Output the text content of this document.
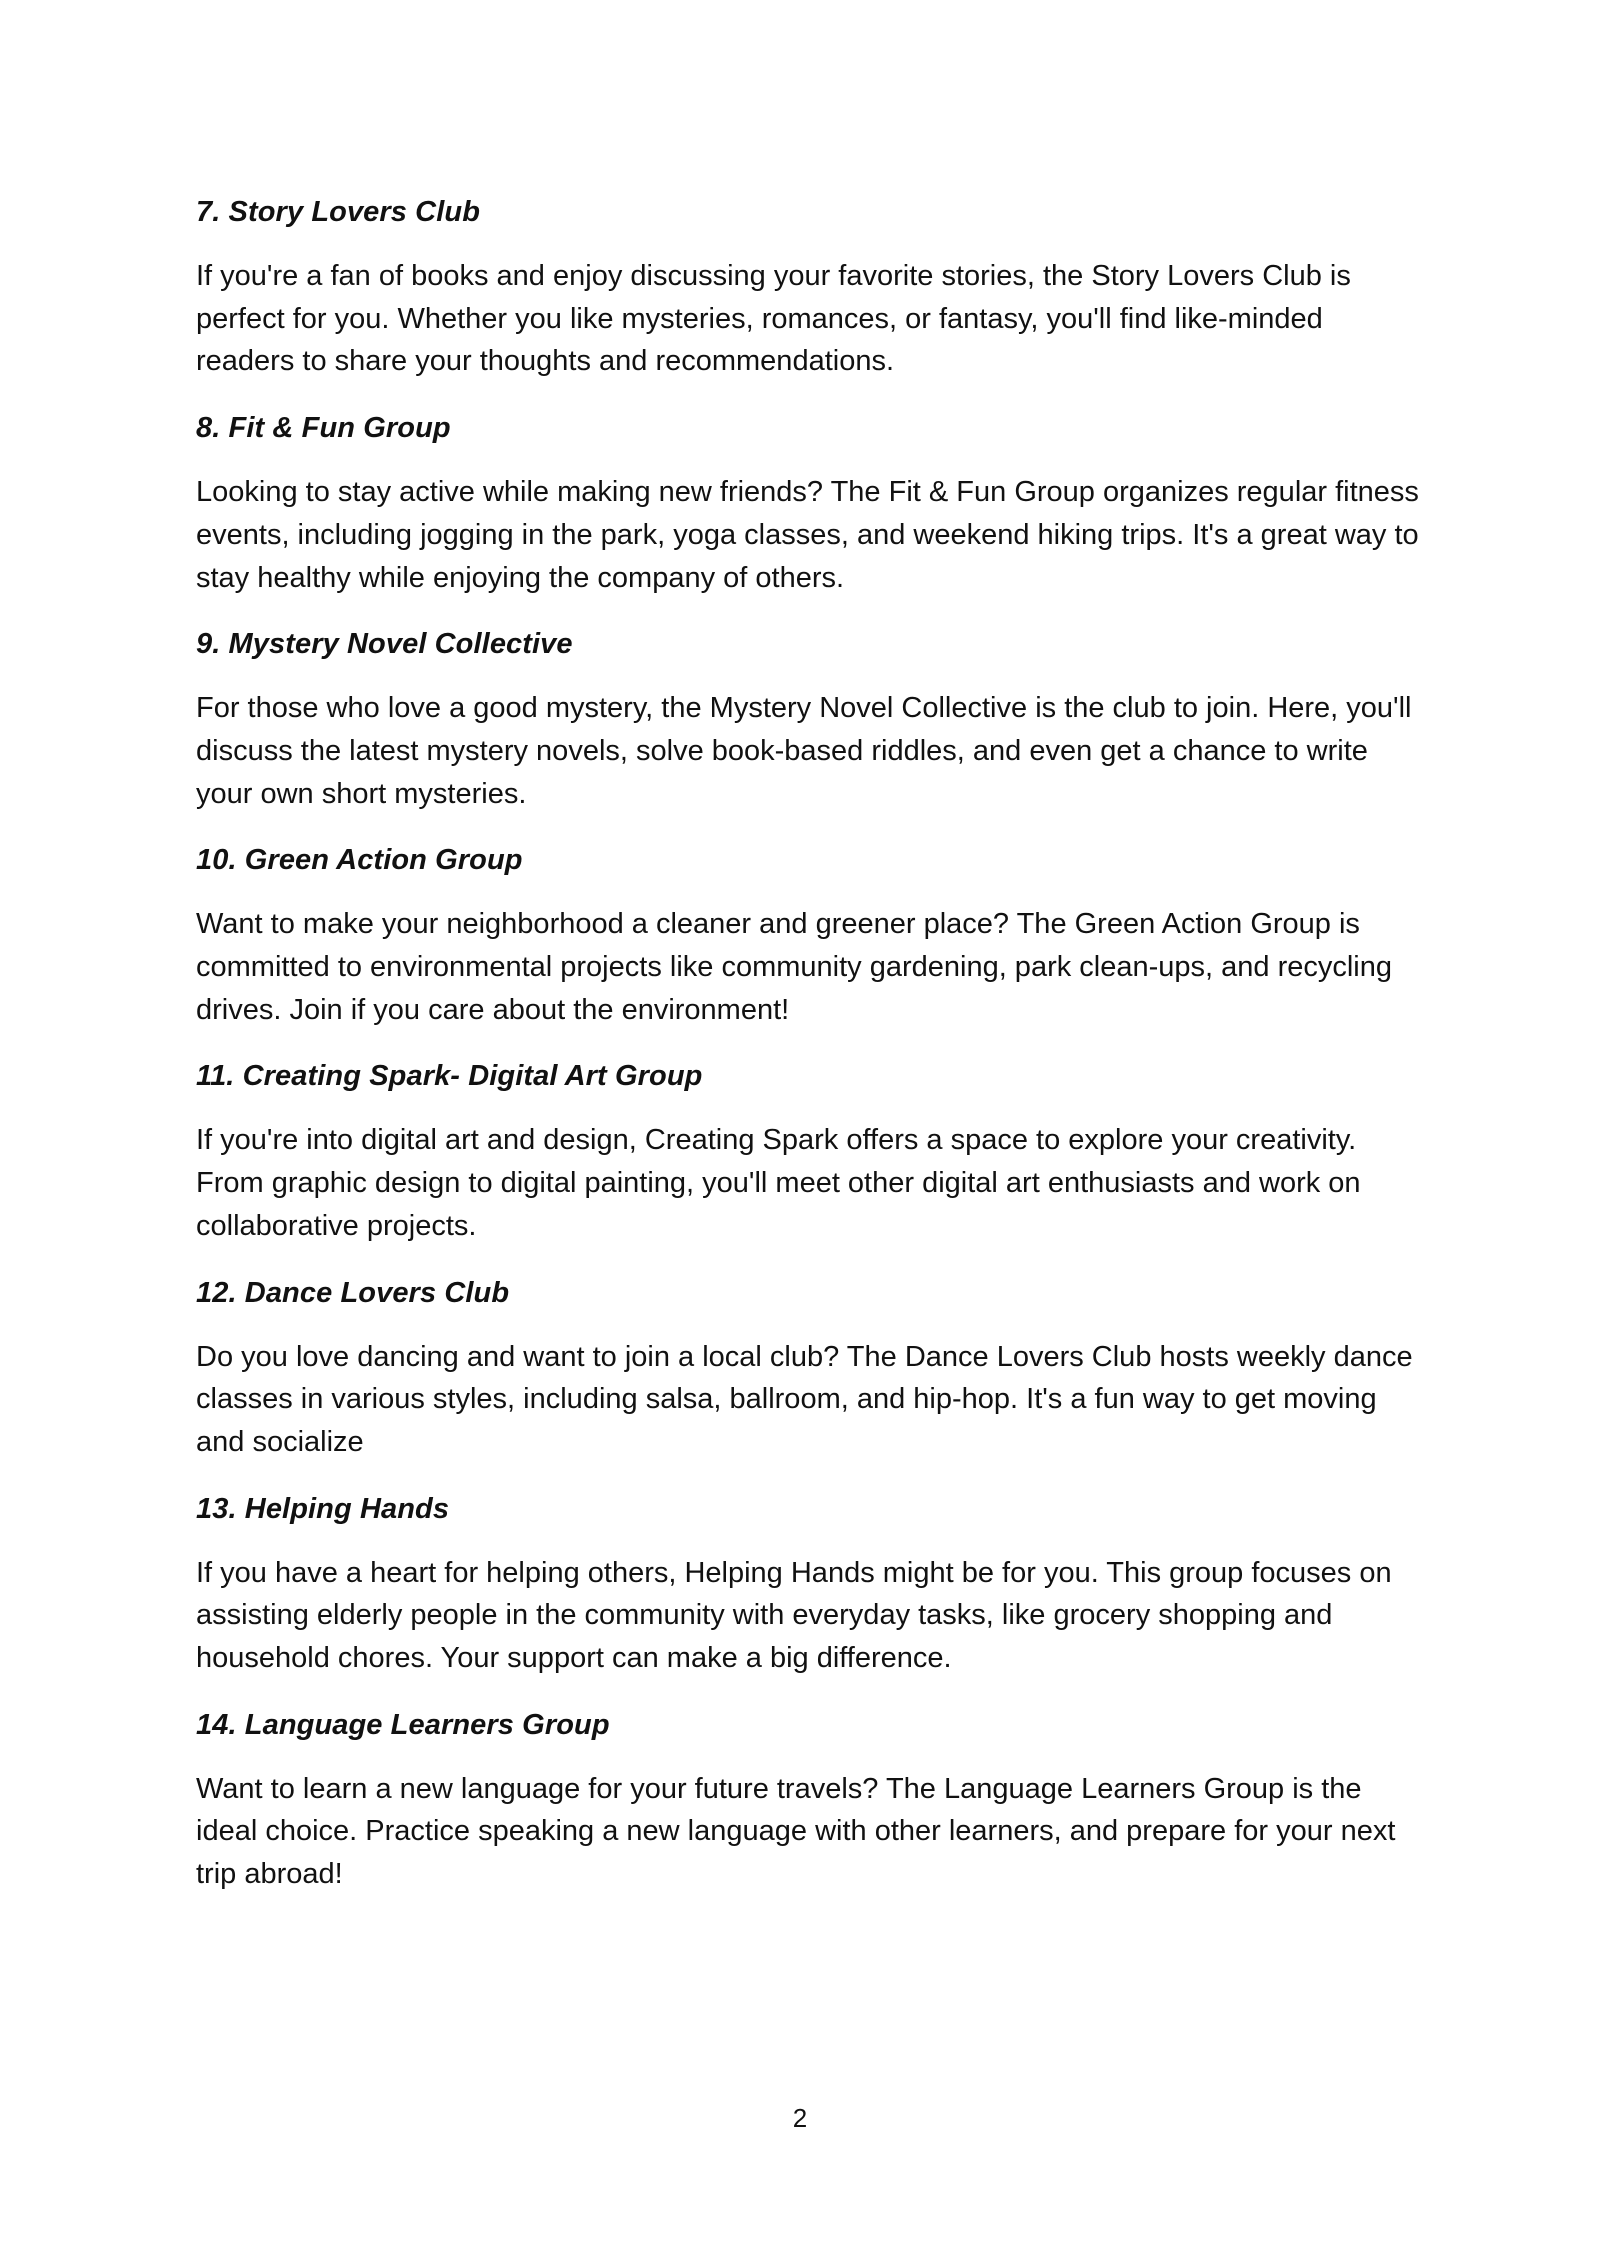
7. Story Lovers Club

If you're a fan of books and enjoy discussing your favorite stories, the Story Lovers Club is perfect for you. Whether you like mysteries, romances, or fantasy, you'll find like-minded readers to share your thoughts and recommendations.

8. Fit & Fun Group

Looking to stay active while making new friends? The Fit & Fun Group organizes regular fitness events, including jogging in the park, yoga classes, and weekend hiking trips. It's a great way to stay healthy while enjoying the company of others.

9. Mystery Novel Collective

For those who love a good mystery, the Mystery Novel Collective is the club to join. Here, you'll discuss the latest mystery novels, solve book-based riddles, and even get a chance to write your own short mysteries.

10. Green Action Group

Want to make your neighborhood a cleaner and greener place? The Green Action Group is committed to environmental projects like community gardening, park clean-ups, and recycling drives. Join if you care about the environment!

11. Creating Spark- Digital Art Group

If you're into digital art and design, Creating Spark offers a space to explore your creativity. From graphic design to digital painting, you'll meet other digital art enthusiasts and work on collaborative projects.

12. Dance Lovers Club

Do you love dancing and want to join a local club? The Dance Lovers Club hosts weekly dance classes in various styles, including salsa, ballroom, and hip-hop. It's a fun way to get moving and socialize

13. Helping Hands

If you have a heart for helping others, Helping Hands might be for you. This group focuses on assisting elderly people in the community with everyday tasks, like grocery shopping and household chores. Your support can make a big difference.

14. Language Learners Group

Want to learn a new language for your future travels? The Language Learners Group is the ideal choice. Practice speaking a new language with other learners, and prepare for your next trip abroad!

2
